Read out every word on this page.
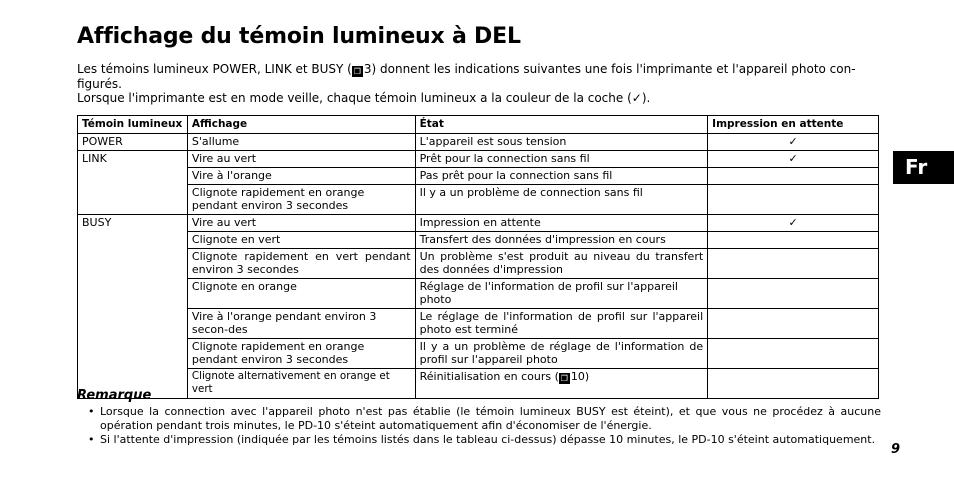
Affichage du témoin lumineux à DEL

Les témoins lumineux POWER, LINK et BUSY ( ❐ 3) donnent les indications suivantes une fois l'imprimante et l'appareil photo con-figurés.

Lorsque l'imprimante est en mode veille, chaque témoin lumineux a la couleur de la coche (✓).

Témoin lumineux	Affichage	État	Impression en attente
POWER	S'allume	L'appareil est sous tension	✓
LINK	Vire au vert	Prêt pour la connection sans fil	✓
	Vire à l'orange	Pas prêt pour la connection sans fil	
	Clignote rapidement en orange pendant environ 3 secondes	Il y a un problème de connection sans fil	
BUSY	Vire au vert	Impression en attente	✓
	Clignote en vert	Transfert des données d'impression en cours	
	Clignote rapidement en vert pendant environ 3 secondes	Un problème s'est produit au niveau du transfert des données d'impression	
	Clignote en orange	Réglage de l'information de profil sur l'appareil photo	
	Vire à l'orange pendant environ 3 secon-des	Le réglage de l'information de profil sur l'appareil photo est terminé	
	Clignote rapidement en orange pendant environ 3 secondes	Il y a un problème de réglage de l'information de profil sur l'appareil photo	
	Clignote alternativement en orange et vert	Réinitialisation en cours ( ❐ 10)	
Remarque
• Lorsque la connection avec l'appareil photo n'est pas établie (le témoin lumineux BUSY est éteint), et que vous ne procédez à aucune opération pendant trois minutes, le PD-10 s'éteint automatiquement afin d'économiser de l'énergie.
• Si l'attente d'impression (indiquée par les témoins listés dans le tableau ci-dessus) dépasse 10 minutes, le PD-10 s'éteint automatiquement.
Fr
9
